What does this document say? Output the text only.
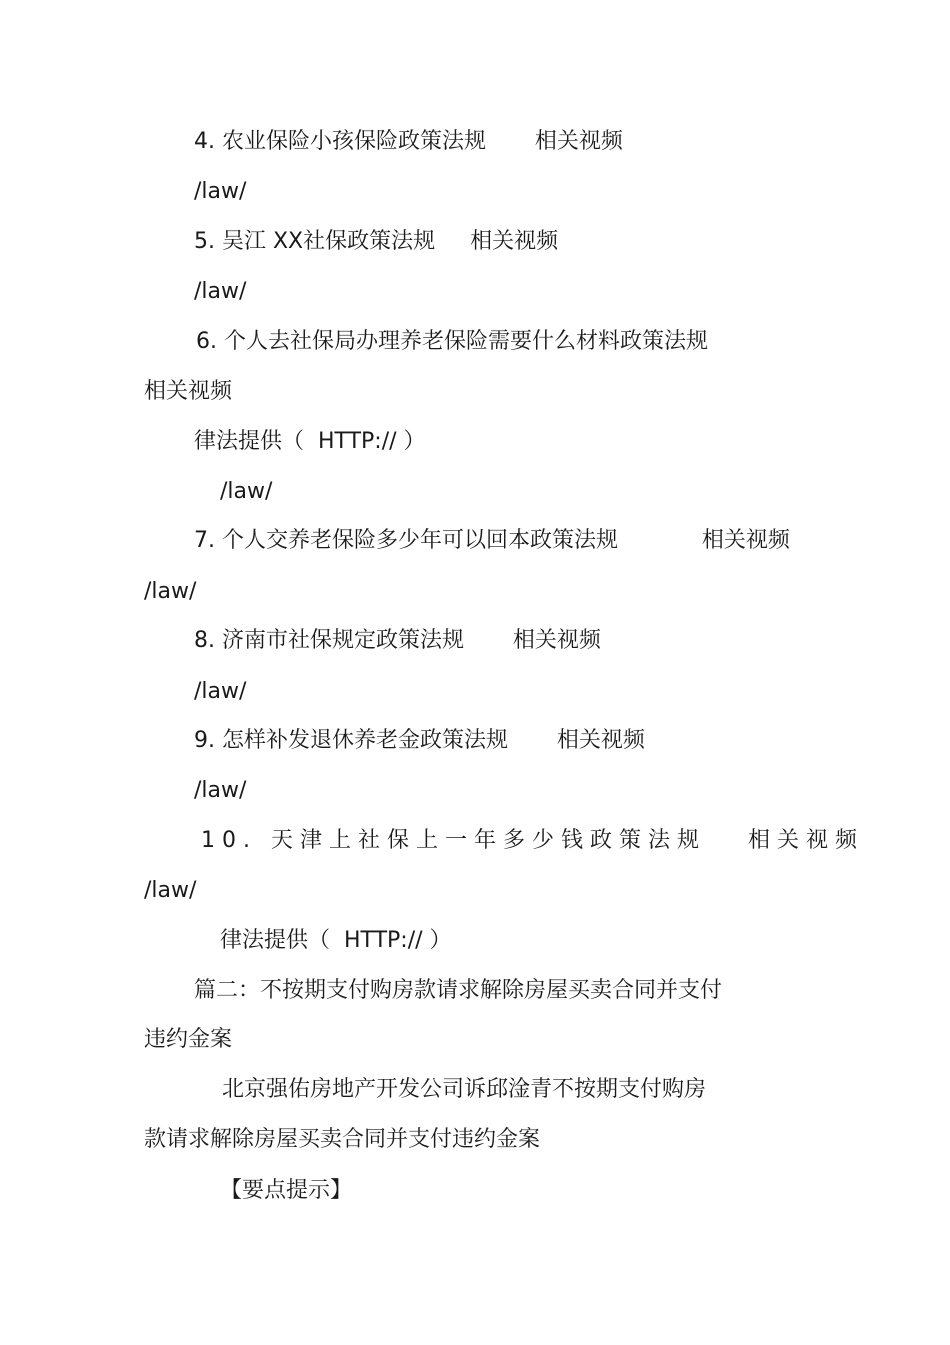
4. 农业保险小孩保险政策法规       相关视频
/law/
5. 吴江 XX社保政策法规     相关视频
/law/
6. 个人去社保局办理养老保险需要什么材料政策法规
相关视频
律法提供（  HTTP:// ）
/law/
7. 个人交养老保险多少年可以回本政策法规            相关视频
/law/
8. 济南市社保规定政策法规       相关视频
/law/
9. 怎样补发退休养老金政策法规       相关视频
/law/
10. 天津上社保上一年多少钱政策法规   相关视频
/law/
律法提供（  HTTP:// ）
篇二：不按期支付购房款请求解除房屋买卖合同并支付
违约金案
北京强佑房地产开发公司诉邱淦青不按期支付购房
款请求解除房屋买卖合同并支付违约金案
【要点提示】
